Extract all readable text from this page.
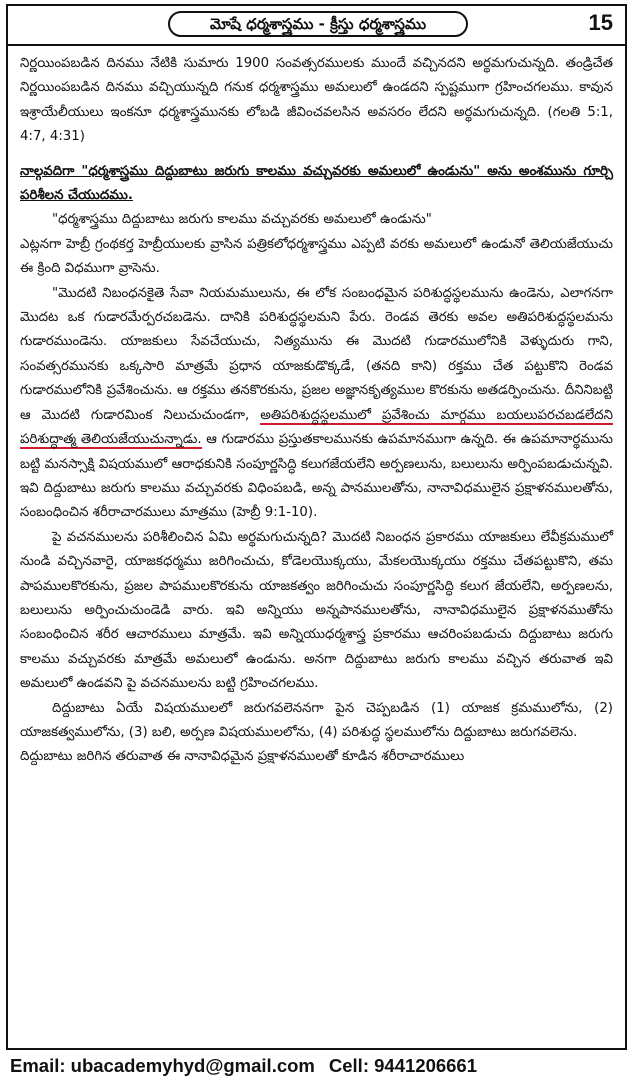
మోషే ధర్మశాస్త్రము - క్రీస్తు ధర్మశాస్త్రము	15

నిర్ణయింపబడిన దినము నేటికి సుమారు 1900 సంవత్సరములకు ముందే వచ్చినదని అర్థమగుచున్నది. తండ్రిచేత నిర్ణయింపబడిన దినము వచ్చియున్నది గనుక ధర్మశాస్త్రము అమలులో ఉండదని స్పష్టముగా గ్రహించగలము. కావున ఇశ్రాయేలీయులు ఇంకనూ ధర్మశాస్త్రమునకు లోబడి జీవించవలసిన అవసరం లేదని అర్థమగుచున్నది. (గలతి 5:1, 4:7, 4:31)

నాల్గవదిగా "ధర్మశాస్త్రము దిద్దుబాటు జరుగు కాలము వచ్చువరకు అమలులో ఉండును" అను అంశమును గూర్చి పరిశీలన చేయుదము.

"ధర్మశాస్త్రము దిద్దుబాటు జరుగు కాలము వచ్చువరకు అమలులో ఉండును"

ఎట్లనగా హెబ్రీ గ్రంథకర్త హెబ్రీయులకు వ్రాసిన పత్రికలోధర్మశాస్త్రము ఎప్పటి వరకు అమలులో ఉండునో తెలియజేయుచు ఈ క్రింది విధముగా వ్రాసెను.

"మొదటి నిబంధనకైతె సేవా నియమములును, ఈ లోక సంబంధమైన పరిశుద్ధస్థలమును ఉండెను, ఎలాగనగా మొదట ఒక గుడారమేర్పరచబడెను. దానికి పరిశుద్ధస్థలమని పేరు. రెండవ తెరకు అవల అతిపరిశుద్ధస్థలమను గుడారముండెను. యాజకులు సేవచేయుచు, నిత్యమును ఈ మొదటి గుడారములోనికి వెళ్ళుదురు గాని, సంవత్సరమునకు ఒక్కసారి మాత్రమే ప్రధాన యాజకుడొక్కడే, (తనది కాని) రక్తము చేత పట్టుకొని రెండవ గుడారములోనికి ప్రవేశించును. ఆ రక్తము తనకొరకును, ప్రజల అజ్ఞానకృత్యముల కొరకును అతడర్పించును. దీనినిబట్టి ఆ మొదటి గుడారమింక నిలుచుచుండగా, అతిపరిశుద్ధస్థలములో ప్రవేశించు మార్గము బయలుపరచబడలేదని పరిశుద్ధాత్మ తెలియజేయుచున్నాడు. ఆ గుడారము ప్రస్తుతకాలమునకు ఉపమానముగా ఉన్నది. ఈ ఉపమానార్థమును బట్టి మనస్సాక్షి విషయములో ఆరాధకునికి సంపూర్ణసిద్ధి కలుగజేయలేని అర్పణలును, బలులును అర్పింపబడుచున్నవి. ఇవి దిద్దుబాటు జరుగు కాలము వచ్చువరకు విధింపబడి, అన్న పానములతోను, నానావిధములైన ప్రక్షాళనములతోను, సంబంధించిన శరీరాచారములు మాత్రము (హెబ్రీ 9:1-10).

పై వచనములను పరిశీలించిన ఏమి అర్థమగుచున్నది? మొదటి నిబంధన ప్రకారము యాజకులు లేవీక్రమములో నుండి వచ్చినవారై, యాజకధర్మము జరిగించుచు, కోడెలయొక్కయు, మేకలయొక్కయు రక్తము చేతపట్టుకొని, తమ పాపములకొరకును, ప్రజల పాపములకొరకును యాజకత్వం జరిగించుచు సంపూర్ణసిద్ధి కలుగ జేయలేని, అర్పణలను, బలులును అర్పించుచుండెడి వారు. ఇవి అన్నియు అన్నపానములతోను, నానావిధములైన ప్రక్షాళనముతోను సంబంధించిన శరీర ఆచారములు మాత్రమే. ఇవి అన్నియుధర్మశాస్త్ర ప్రకారము ఆచరింపబడుచు దిద్దుబాటు జరుగు కాలము వచ్చువరకు మాత్రమే అమలులో ఉండును. అనగా దిద్దుబాటు జరుగు కాలము వచ్చిన తరువాత ఇవి అమలులో ఉండవని పై వచనములను బట్టి గ్రహించగలము.

దిద్దుబాటు ఏయే విషయములలో జరుగవలెననగా పైన చెప్పబడిన (1) యాజక క్రమములోను, (2) యాజకత్వములోను, (3) బలి, అర్పణ విషయములలోను, (4) పరిశుద్ధ స్థలములోను దిద్దుబాటు జరుగవలెను.

దిద్దుబాటు జరిగిన తరువాత ఈ నానావిధమైన ప్రక్షాళనములతో కూడిన శరీరాచారములు

Email: ubacademyhyd@gmail.com Cell: 9441206661
